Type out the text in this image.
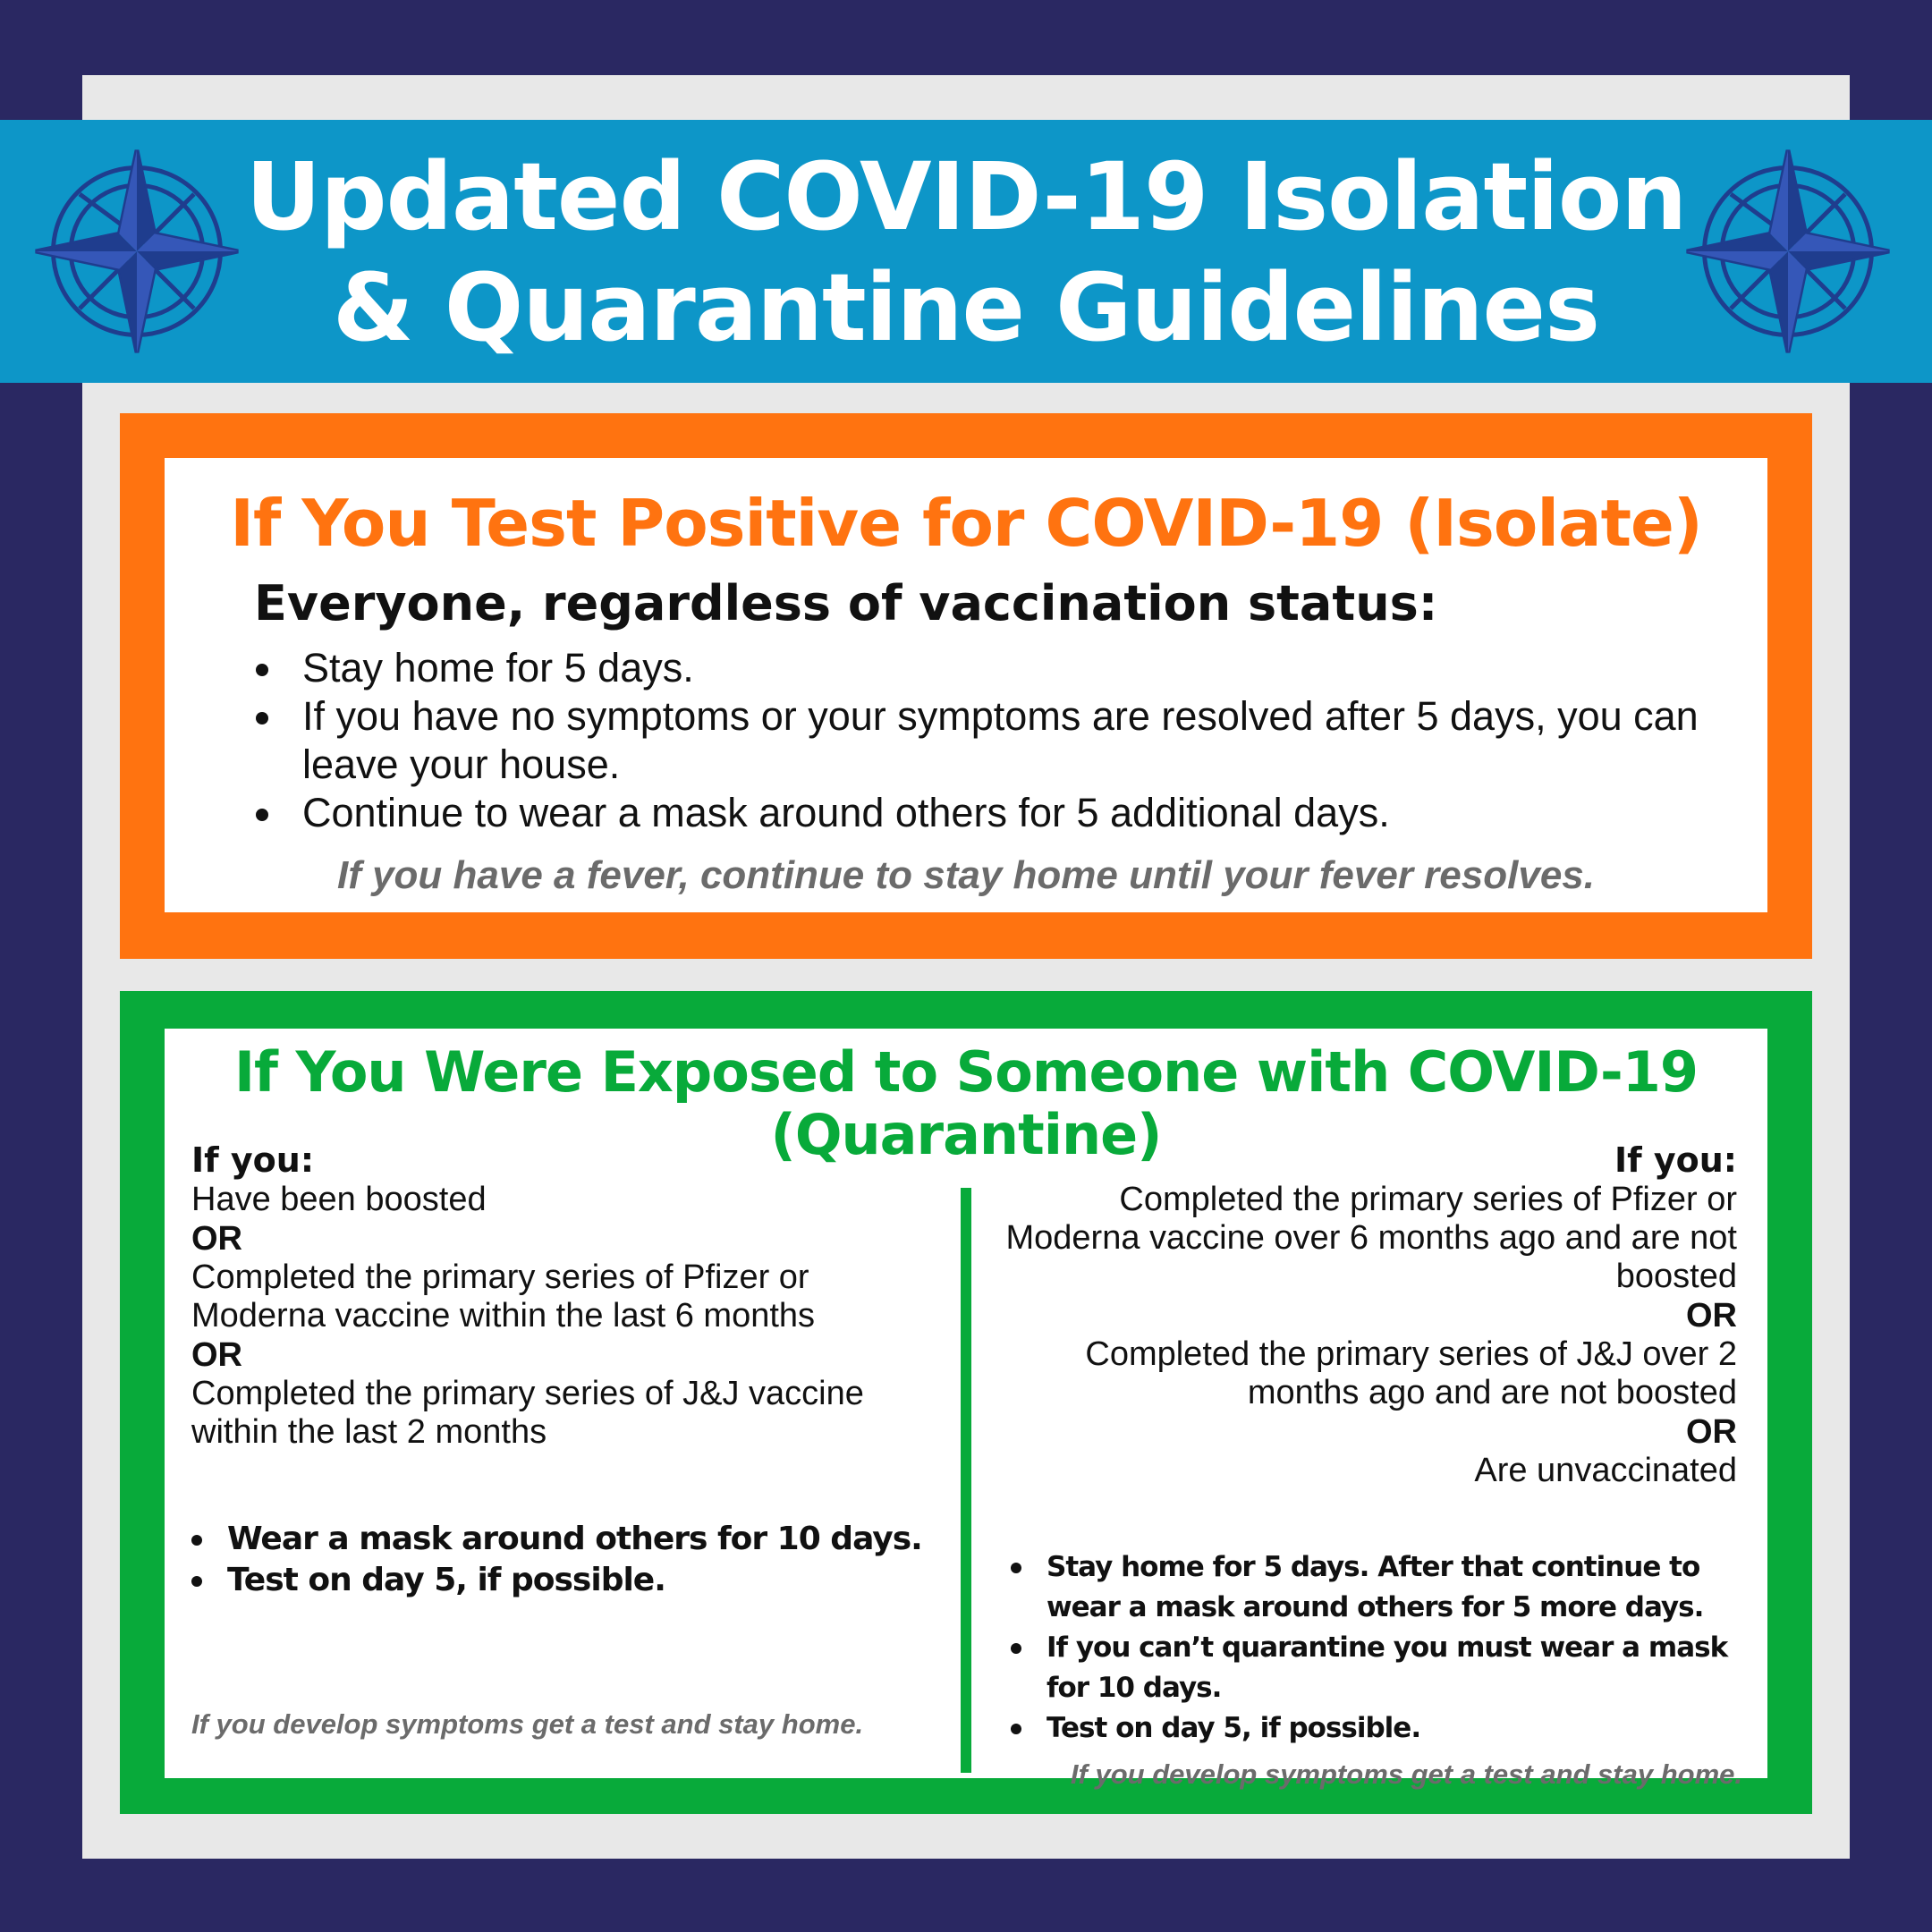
Updated COVID-19 Isolation
& Quarantine Guidelines
If You Test Positive for COVID-19 (Isolate)
Everyone, regardless of vaccination status:
Stay home for 5 days.
If you have no symptoms or your symptoms are resolved after 5 days, you can leave your house.
Continue to wear a mask around others for 5 additional days.
If you have a fever, continue to stay home until your fever resolves.
If You Were Exposed to Someone with COVID-19
(Quarantine)
If you:
Have been boosted
OR
Completed the primary series of Pfizer or Moderna vaccine within the last 6 months
OR
Completed the primary series of J&J vaccine within the last 2 months
Wear a mask around others for 10 days.
Test on day 5, if possible.
If you develop symptoms get a test and stay home.
If you:
Completed the primary series of Pfizer or Moderna vaccine over 6 months ago and are not boosted
OR
Completed the primary series of J&J over 2 months ago and are not boosted
OR
Are unvaccinated
Stay home for 5 days. After that continue to wear a mask around others for 5 more days.
If you can’t quarantine you must wear a mask for 10 days.
Test on day 5, if possible.
If you develop symptoms get a test and stay home.
